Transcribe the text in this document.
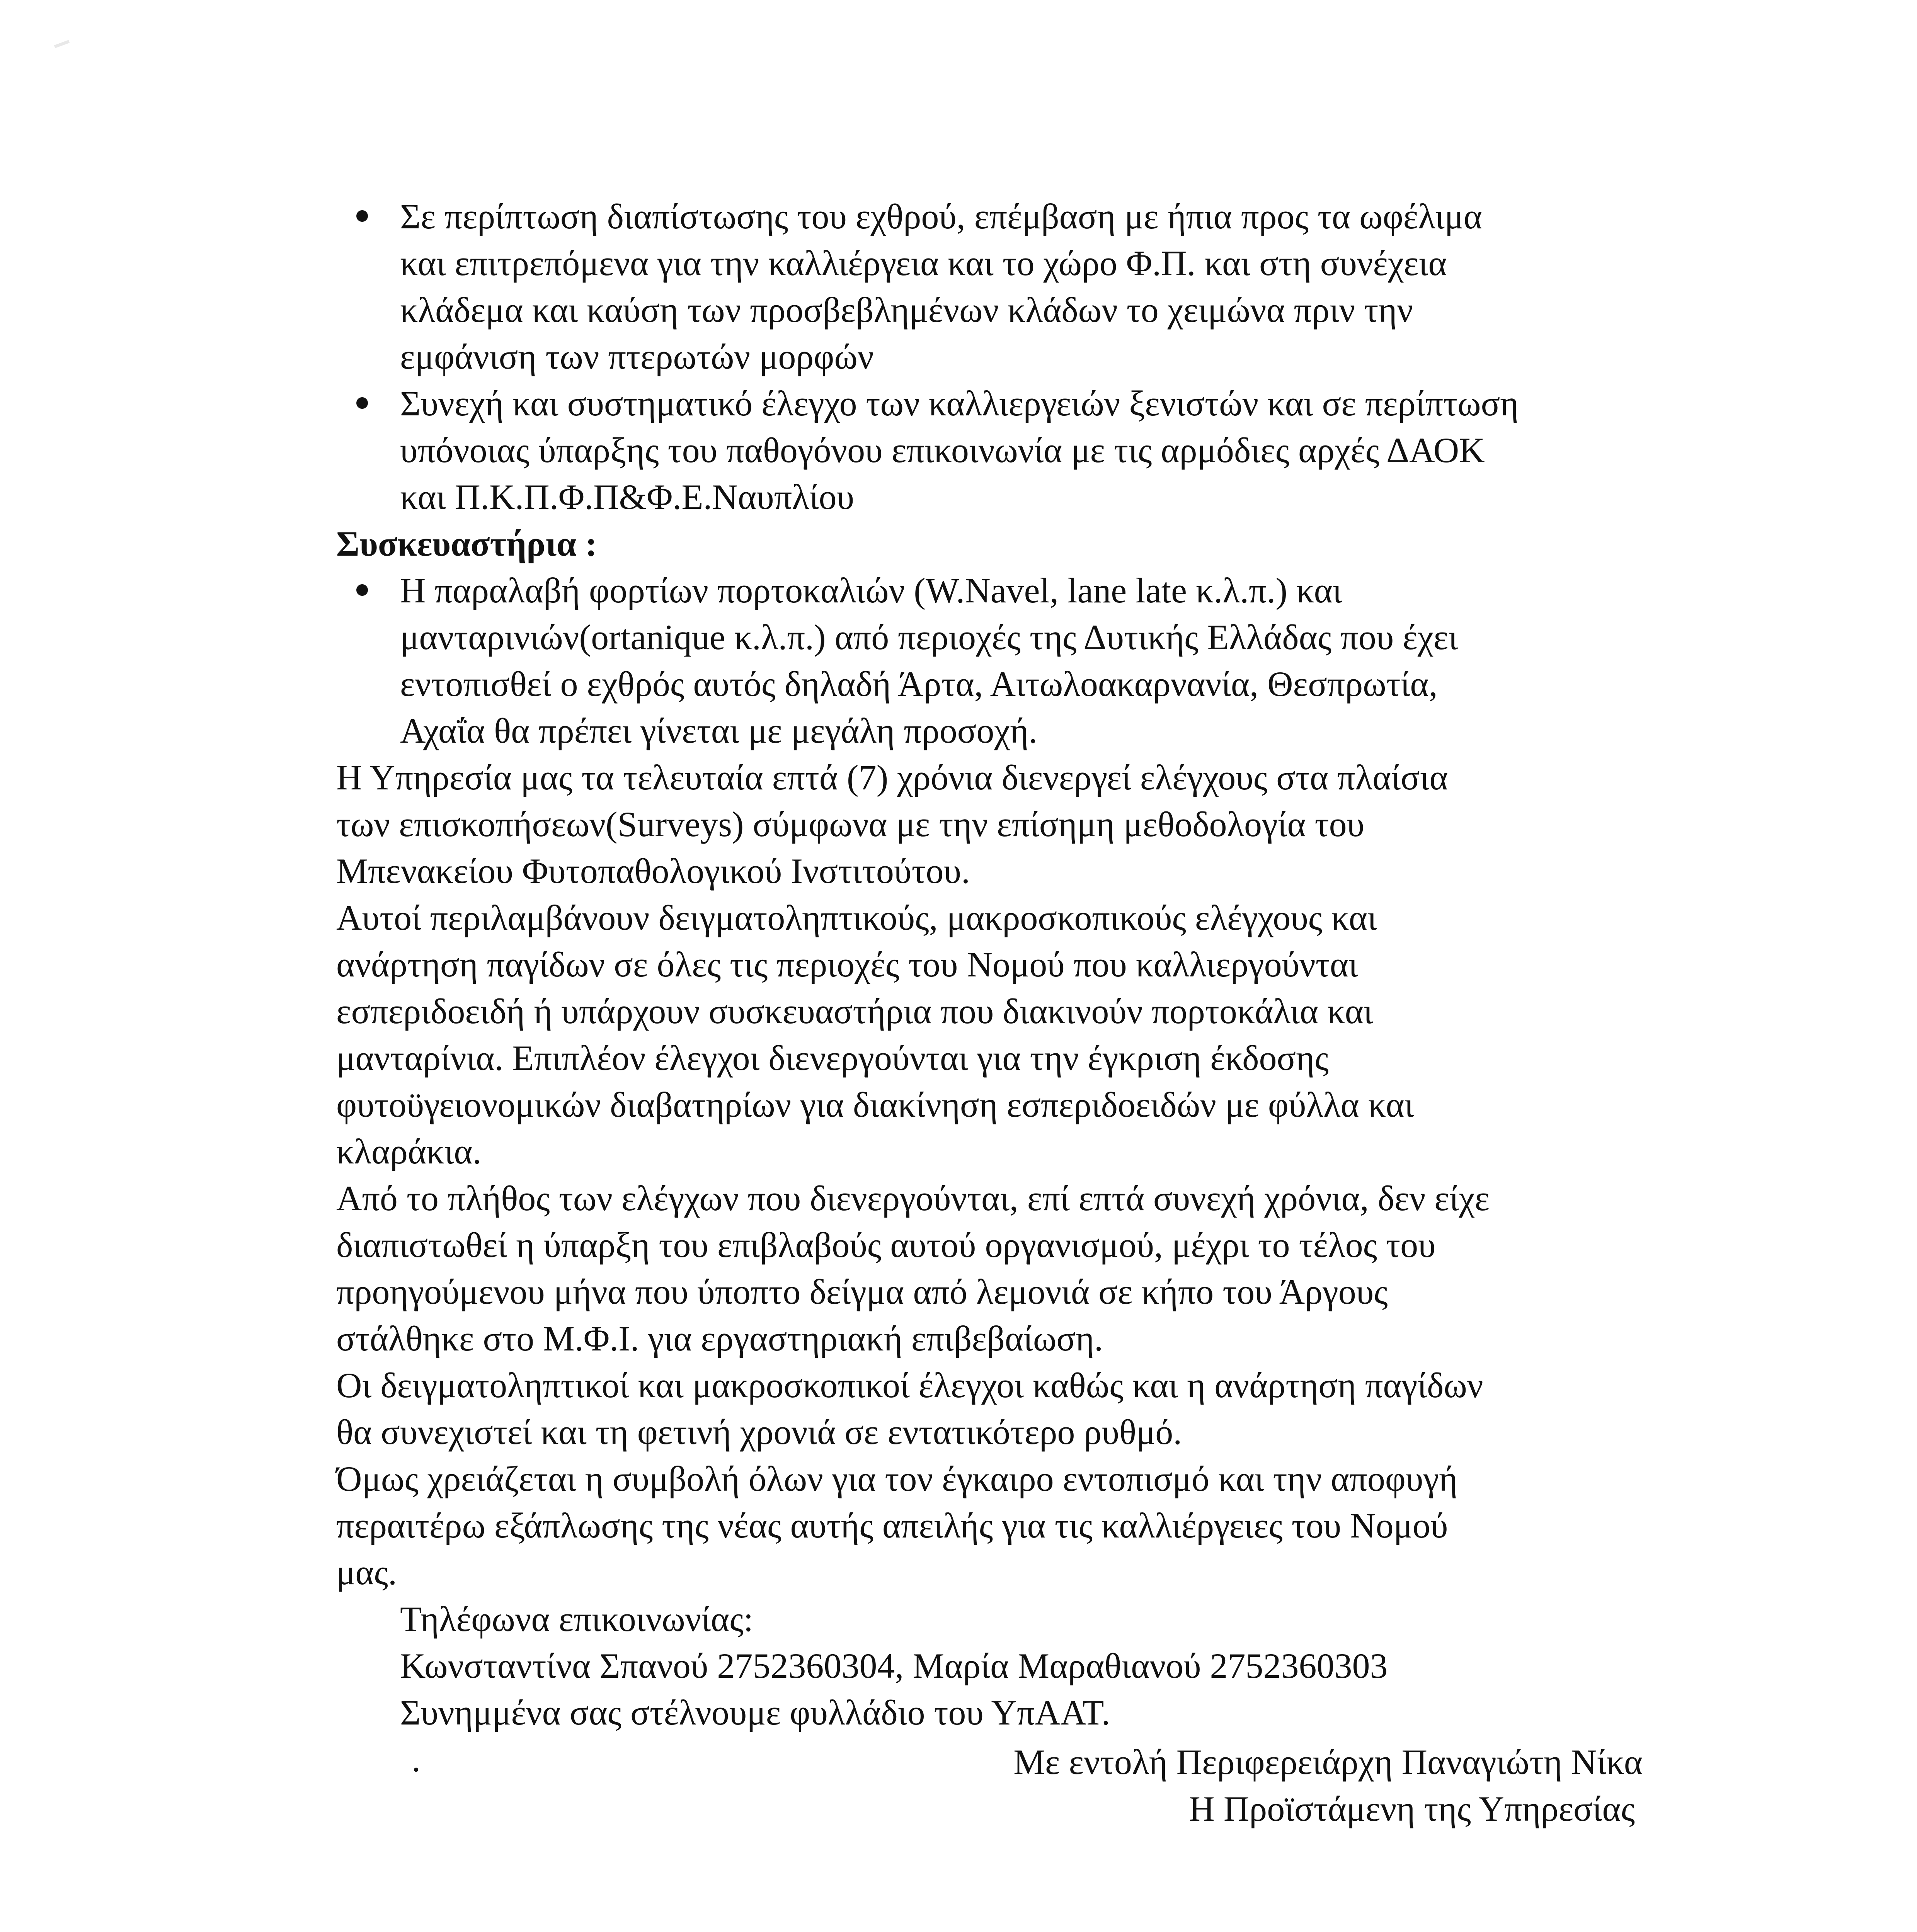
Σε περίπτωση διαπίστωσης του εχθρού, επέμβαση με ήπια προς τα ωφέλιμα
και επιτρεπόμενα για την καλλιέργεια και το χώρο Φ.Π. και στη συνέχεια
κλάδεμα και καύση των προσβεβλημένων κλάδων το χειμώνα πριν την
εμφάνιση των πτερωτών μορφών
Συνεχή και συστηματικό έλεγχο των καλλιεργειών ξενιστών και σε περίπτωση
υπόνοιας ύπαρξης του παθογόνου επικοινωνία με τις αρμόδιες αρχές ΔΑΟΚ
και Π.Κ.Π.Φ.Π&Φ.Ε.Ναυπλίου

Συσκευαστήρια :

Η παραλαβή φορτίων πορτοκαλιών (W.Navel, lane late κ.λ.π.) και
μανταρινιών(ortanique κ.λ.π.) από περιοχές της Δυτικής Ελλάδας που έχει
εντοπισθεί ο εχθρός αυτός δηλαδή Άρτα, Αιτωλοακαρνανία, Θεσπρωτία,
Αχαΐα θα πρέπει γίνεται με μεγάλη προσοχή.

Η Υπηρεσία μας τα τελευταία επτά (7) χρόνια διενεργεί ελέγχους στα πλαίσια
των επισκοπήσεων(Surveys) σύμφωνα με την επίσημη μεθοδολογία του
Μπενακείου Φυτοπαθολογικού Ινστιτούτου.

Αυτοί περιλαμβάνουν δειγματοληπτικούς, μακροσκοπικούς ελέγχους και
ανάρτηση παγίδων σε όλες τις περιοχές του Νομού που καλλιεργούνται
εσπεριδοειδή ή υπάρχουν συσκευαστήρια που διακινούν πορτοκάλια και
μανταρίνια. Επιπλέον έλεγχοι διενεργούνται για την έγκριση έκδοσης
φυτοϋγειονομικών διαβατηρίων για διακίνηση εσπεριδοειδών με φύλλα και
κλαράκια.

Από το πλήθος των ελέγχων που διενεργούνται, επί επτά συνεχή χρόνια, δεν είχε
διαπιστωθεί η ύπαρξη του επιβλαβούς αυτού οργανισμού, μέχρι το τέλος του
προηγούμενου μήνα που ύποπτο δείγμα από λεμονιά σε κήπο του Άργους
στάλθηκε στο Μ.Φ.Ι. για εργαστηριακή επιβεβαίωση.

Οι δειγματοληπτικοί και μακροσκοπικοί έλεγχοι καθώς και η ανάρτηση παγίδων
θα συνεχιστεί και τη φετινή χρονιά σε εντατικότερο ρυθμό.

Όμως χρειάζεται η συμβολή όλων για τον έγκαιρο εντοπισμό και την αποφυγή
περαιτέρω εξάπλωσης της νέας αυτής απειλής για τις καλλιέργειες του Νομού
μας.

Τηλέφωνα επικοινωνίας:

Κωνσταντίνα Σπανού 2752360304, Μαρία Μαραθιανού 2752360303

Συνημμένα σας στέλνουμε φυλλάδιο του ΥπΑΑΤ.

.	Με εντολή Περιφερειάρχη Παναγιώτη Νίκα

Η Προϊστάμενη της Υπηρεσίας
